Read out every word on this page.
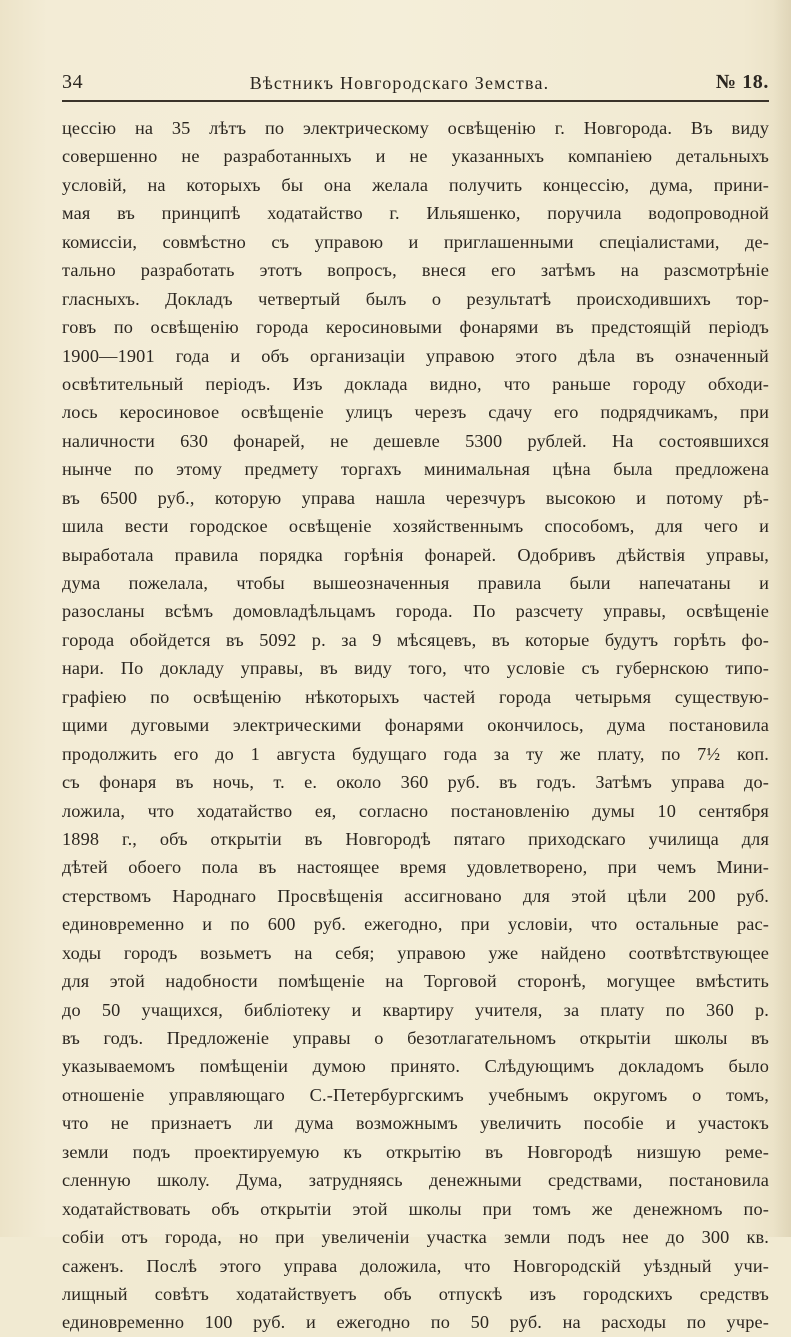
34	Вѣстникъ Новгородскаго Земства.	№ 18.
цессію на 35 лѣтъ по электрическому освѣщенію г. Новгорода. Въ виду
совершенно не разработанныхъ и не указанныхъ компаніею детальныхъ
условій, на которыхъ бы она желала получить концессію, дума, прини-
мая въ принципѣ ходатайство г. Ильяшенко, поручила водопроводной
комиссіи, совмѣстно съ управою и приглашенными спеціалистами, де-
тально разработать этотъ вопросъ, внеся его затѣмъ на разсмотрѣніе
гласныхъ. Докладъ четвертый былъ о результатѣ происходившихъ тор-
говъ по освѣщенію города керосиновыми фонарями въ предстоящій періодъ
1900—1901 года и объ организаціи управою этого дѣла въ означенный
освѣтительный періодъ. Изъ доклада видно, что раньше городу обходи-
лось керосиновое освѣщеніе улицъ черезъ сдачу его подрядчикамъ, при
наличности 630 фонарей, не дешевле 5300 рублей. На состоявшихся
нынче по этому предмету торгахъ минимальная цѣна была предложена
въ 6500 руб., которую управа нашла черезчуръ высокою и потому рѣ-
шила вести городское освѣщеніе хозяйственнымъ способомъ, для чего и
выработала правила порядка горѣнія фонарей. Одобривъ дѣйствія управы,
дума пожелала, чтобы вышеозначенныя правила были напечатаны и
разосланы всѣмъ домовладѣльцамъ города. По разсчету управы, освѣщеніе
города обойдется въ 5092 р. за 9 мѣсяцевъ, въ которые будутъ горѣть фо-
нари. По докладу управы, въ виду того, что условіе съ губернскою типо-
графіею по освѣщенію нѣкоторыхъ частей города четырьмя существую-
щими дуговыми электрическими фонарями окончилось, дума постановила
продолжить его до 1 августа будущаго года за ту же плату, по 7½ коп.
съ фонаря въ ночь, т. е. около 360 руб. въ годъ. Затѣмъ управа до-
ложила, что ходатайство ея, согласно постановленію думы 10 сентября
1898 г., объ открытіи въ Новгородѣ пятаго приходскаго училища для
дѣтей обоего пола въ настоящее время удовлетворено, при чемъ Мини-
стерствомъ Народнаго Просвѣщенія ассигновано для этой цѣли 200 руб.
единовременно и по 600 руб. ежегодно, при условіи, что остальные рас-
ходы городъ возьметъ на себя; управою уже найдено соотвѣтствующее
для этой надобности помѣщеніе на Торговой сторонѣ, могущее вмѣстить
до 50 учащихся, библіотеку и квартиру учителя, за плату по 360 р.
въ годъ. Предложеніе управы о безотлагательномъ открытіи школы въ
указываемомъ помѣщеніи думою принято. Слѣдующимъ докладомъ было
отношеніе управляющаго С.-Петербургскимъ учебнымъ округомъ о томъ,
что не признаетъ ли дума возможнымъ увеличить пособіе и участокъ
земли подъ проектируемую къ открытію въ Новгородѣ низшую реме-
сленную школу. Дума, затрудняясь денежными средствами, постановила
ходатайствовать объ открытіи этой школы при томъ же денежномъ по-
собіи отъ города, но при увеличеніи участка земли подъ нее до 300 кв.
саженъ. Послѣ этого управа доложила, что Новгородскій уѣздный учи-
лищный совѣтъ ходатайствуетъ объ отпускѣ изъ городскихъ средствъ
единовременно 100 руб. и ежегодно по 50 руб. на расходы по учре-
